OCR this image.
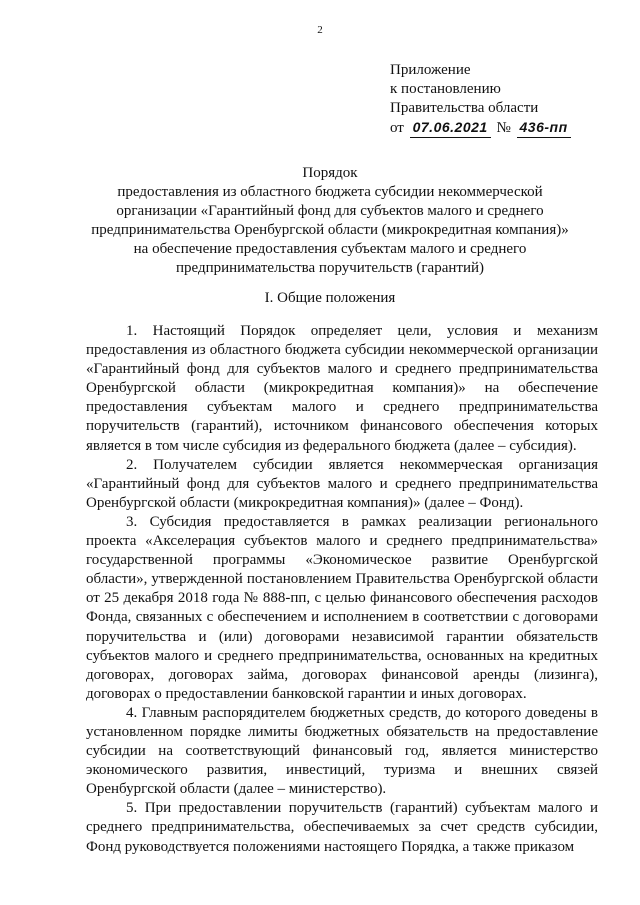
2
Приложение
к постановлению
Правительства области
от 07.06.2021 № 436-пп
Порядок
предоставления из областного бюджета субсидии некоммерческой
организации «Гарантийный фонд для субъектов малого и среднего
предпринимательства Оренбургской области (микрокредитная компания)»
на обеспечение предоставления субъектам малого и среднего
предпринимательства поручительств (гарантий)
I. Общие положения

1. Настоящий Порядок определяет цели, условия и механизм предоставления из областного бюджета субсидии некоммерческой организации «Гарантийный фонд для субъектов малого и среднего предпринимательства Оренбургской области (микрокредитная компания)» на обеспечение предоставления субъектам малого и среднего предпринимательства поручительств (гарантий), источником финансового обеспечения которых является в том числе субсидия из федерального бюджета (далее – субсидия).

2. Получателем субсидии является некоммерческая организация «Гарантийный фонд для субъектов малого и среднего предпринимательства Оренбургской области (микрокредитная компания)» (далее – Фонд).

3. Субсидия предоставляется в рамках реализации регионального проекта «Акселерация субъектов малого и среднего предпринимательства» государственной программы «Экономическое развитие Оренбургской области», утвержденной постановлением Правительства Оренбургской области от 25 декабря 2018 года № 888-пп, с целью финансового обеспечения расходов Фонда, связанных с обеспечением и исполнением в соответствии с договорами поручительства и (или) договорами независимой гарантии обязательств субъектов малого и среднего предпринимательства, основанных на кредитных договорах, договорах займа, договорах финансовой аренды (лизинга), договорах о предоставлении банковской гарантии и иных договорах.

4. Главным распорядителем бюджетных средств, до которого доведены в установленном порядке лимиты бюджетных обязательств на предоставление субсидии на соответствующий финансовый год, является министерство экономического развития, инвестиций, туризма и внешних связей Оренбургской области (далее – министерство).

5. При предоставлении поручительств (гарантий) субъектам малого и среднего предпринимательства, обеспечиваемых за счет средств субсидии, Фонд руководствуется положениями настоящего Порядка, а также приказом
